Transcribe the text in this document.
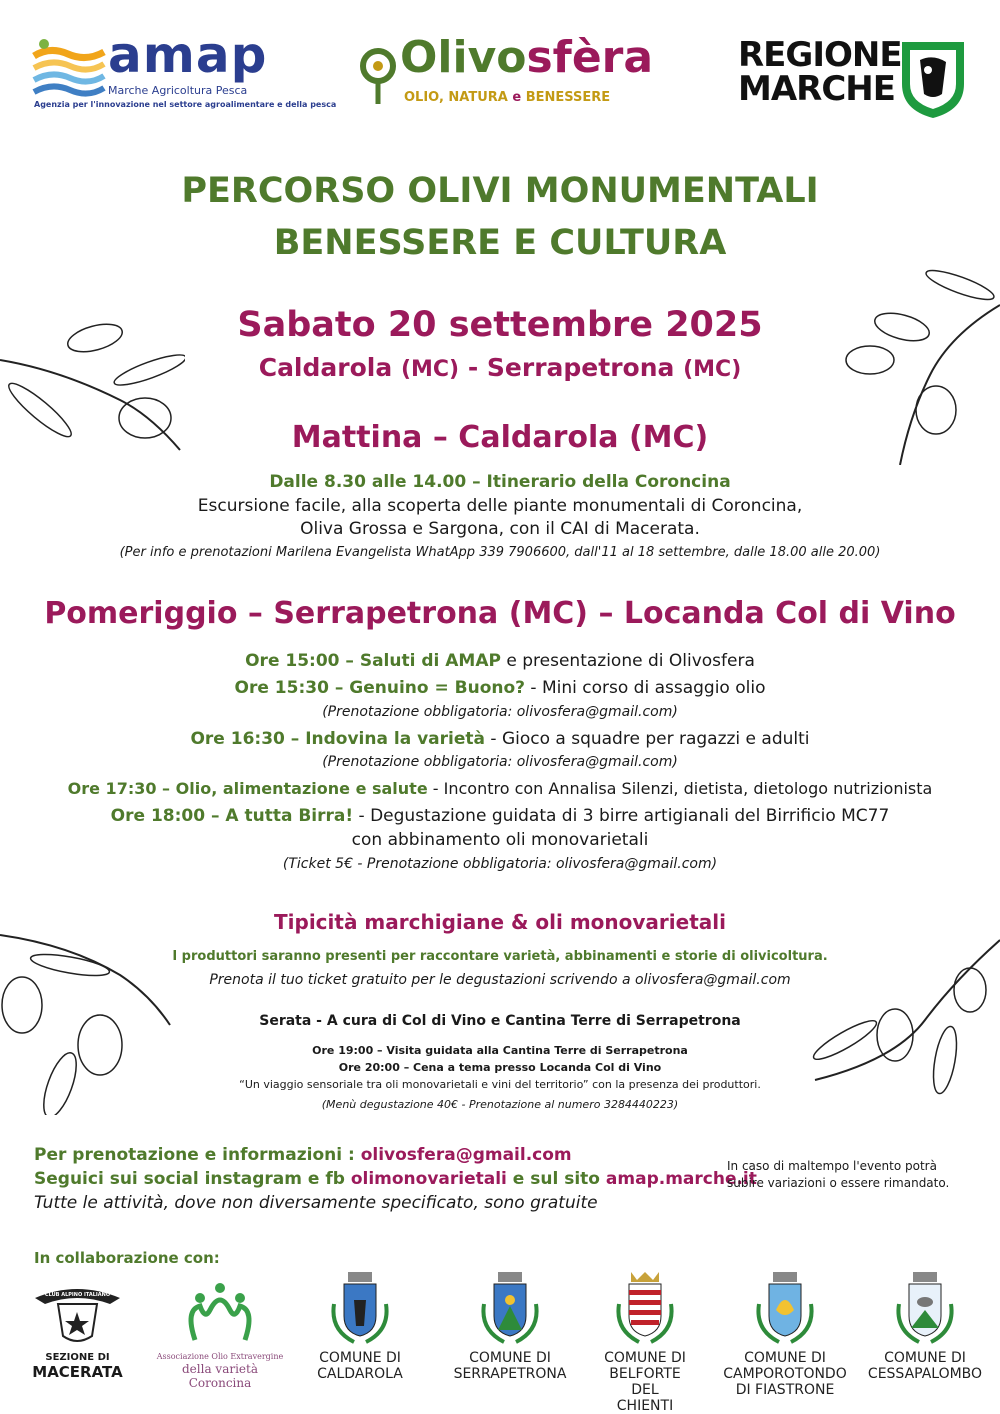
amap
Marche Agricoltura Pesca
Agenzia per l'innovazione nel settore agroalimentare e della pesca
Olivosfèra
OLIO, NATURA e BENESSERE
REGIONE
MARCHE
PERCORSO OLIVI MONUMENTALI
BENESSERE E CULTURA
Sabato 20 settembre 2025
Caldarola (MC) - Serrapetrona (MC)
Mattina – Caldarola (MC)
Dalle 8.30 alle 14.00 – Itinerario della Coroncina
Escursione facile, alla scoperta delle piante monumentali di Coroncina,
Oliva Grossa e Sargona, con il CAI di Macerata.
(Per info e prenotazioni Marilena Evangelista WhatApp 339 7906600, dall'11 al 18 settembre, dalle 18.00 alle 20.00)
Pomeriggio – Serrapetrona (MC) – Locanda Col di Vino
Ore 15:00 – Saluti di AMAP e presentazione di Olivosfera
Ore 15:30 – Genuino = Buono? - Mini corso di assaggio olio
(Prenotazione obbligatoria: olivosfera@gmail.com)
Ore 16:30 – Indovina la varietà - Gioco a squadre per ragazzi e adulti
(Prenotazione obbligatoria: olivosfera@gmail.com)
Ore 17:30 – Olio, alimentazione e salute - Incontro con Annalisa Silenzi, dietista, dietologo nutrizionista
Ore 18:00 – A tutta Birra! - Degustazione guidata di 3 birre artigianali del Birrificio MC77
con abbinamento oli monovarietali
(Ticket 5€ - Prenotazione obbligatoria: olivosfera@gmail.com)
Tipicità marchigiane & oli monovarietali
I produttori saranno presenti per raccontare varietà, abbinamenti e storie di olivicoltura.
Prenota il tuo ticket gratuito per le degustazioni scrivendo a olivosfera@gmail.com
Serata - A cura di Col di Vino e Cantina Terre di Serrapetrona
Ore 19:00 – Visita guidata alla Cantina Terre di Serrapetrona
Ore 20:00 – Cena a tema presso Locanda Col di Vino
“Un viaggio sensoriale tra oli monovarietali e vini del territorio” con la presenza dei produttori.
(Menù degustazione 40€ - Prenotazione al numero 3284440223)
Per prenotazione e informazioni : olivosfera@gmail.com
Seguici sui social instagram e fb olimonovarietali e sul sito amap.marche.it
Tutte le attività, dove non diversamente specificato, sono gratuite
In caso di maltempo l'evento potrà
subire variazioni o essere rimandato.
In collaborazione con:
CLUB ALPINO ITALIANO
SEZIONE DI
MACERATA
Associazione Olio Extravergine
della varietà Coroncina
COMUNE DI
CALDAROLA
COMUNE DI
SERRAPETRONA
COMUNE DI
BELFORTE DEL
CHIENTI
COMUNE DI
CAMPOROTONDO
DI FIASTRONE
COMUNE DI
CESSAPALOMBO
